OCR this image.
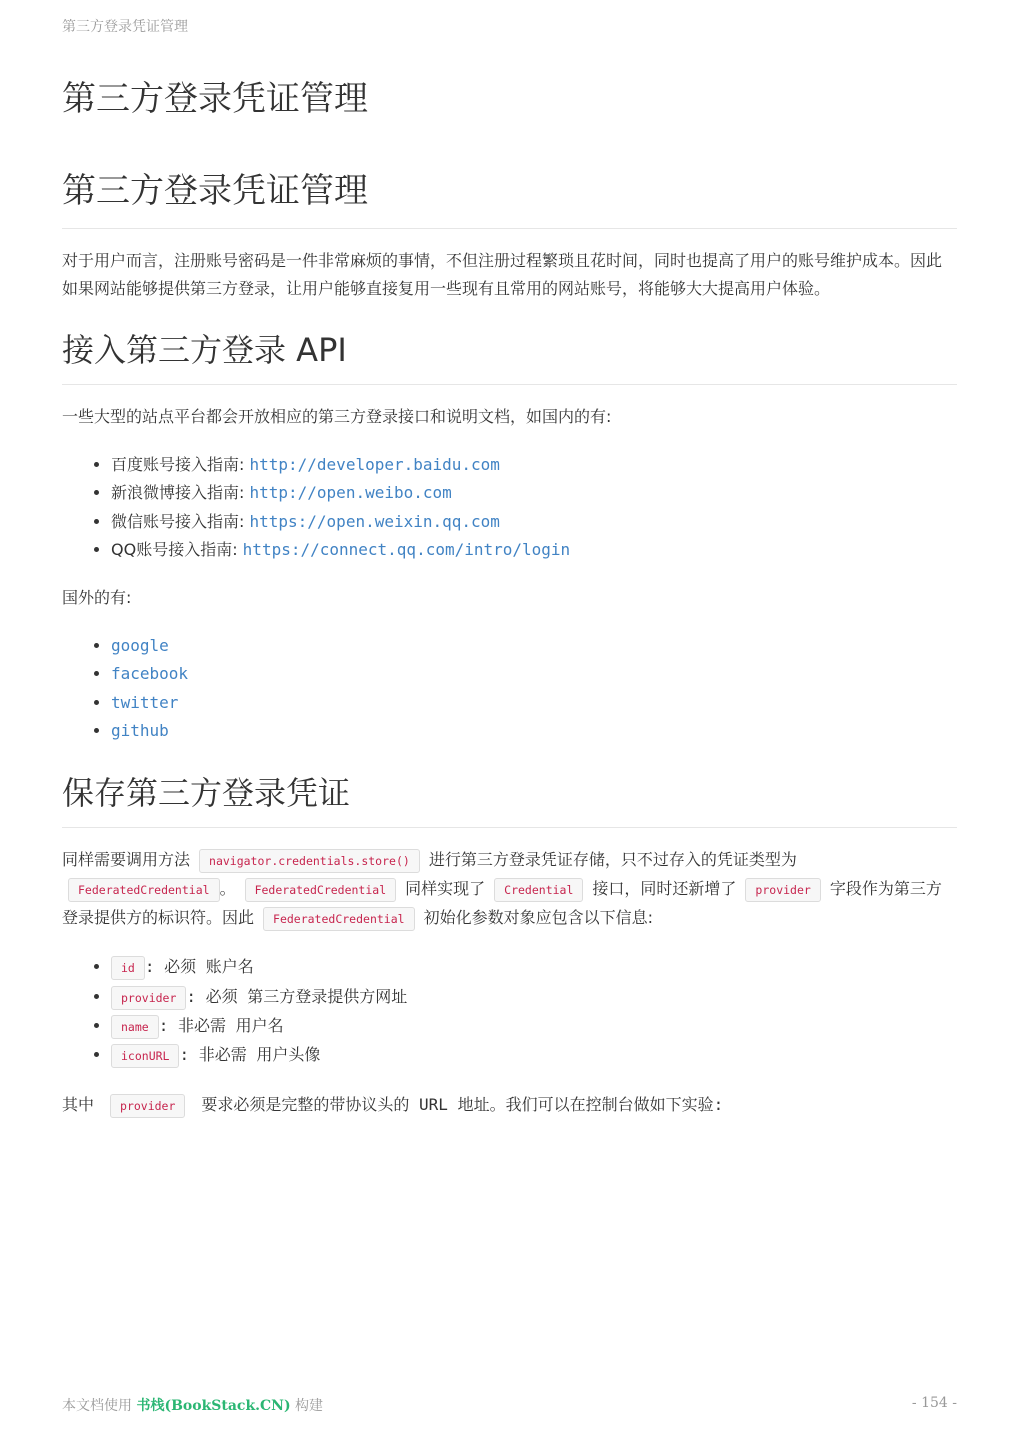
第三方登录凭证管理
第三方登录凭证管理
第三方登录凭证管理

对于用户而言，注册账号密码是一件非常麻烦的事情，不但注册过程繁琐且花时间，同时也提高了用户的账号维护成本。因此如果网站能够提供第三方登录，让用户能够直接复用一些现有且常用的网站账号，将能够大大提高用户体验。

接入第三方登录 API

一些大型的站点平台都会开放相应的第三方登录接口和说明文档，如国内的有:

• 百度账号接入指南: http://developer.baidu.com
• 新浪微博接入指南: http://open.weibo.com
• 微信账号接入指南: https://open.weixin.qq.com
• QQ账号接入指南: https://connect.qq.com/intro/login

国外的有:

• google
• facebook
• twitter
• github
保存第三方登录凭证

同样需要调用方法 navigator.credentials.store() 进行第三方登录凭证存储，只不过存入的凭证类型为FederatedCredential 。 FederatedCredential 同样实现了 Credential 接口，同时还新增了 provider 字段作为第三方登录提供方的标识符。因此 FederatedCredential 初始化参数对象应包含以下信息:

• id : 必须 账户名
• provider : 必须 第三方登录提供方网址
• name : 非必需 用户名
• iconURL : 非必需 用户头像

其中 provider 要求必须是完整的带协议头的 URL 地址。我们可以在控制台做如下实验:

本文档使用 书栈(BookStack.CN) 构建	- 154 -
